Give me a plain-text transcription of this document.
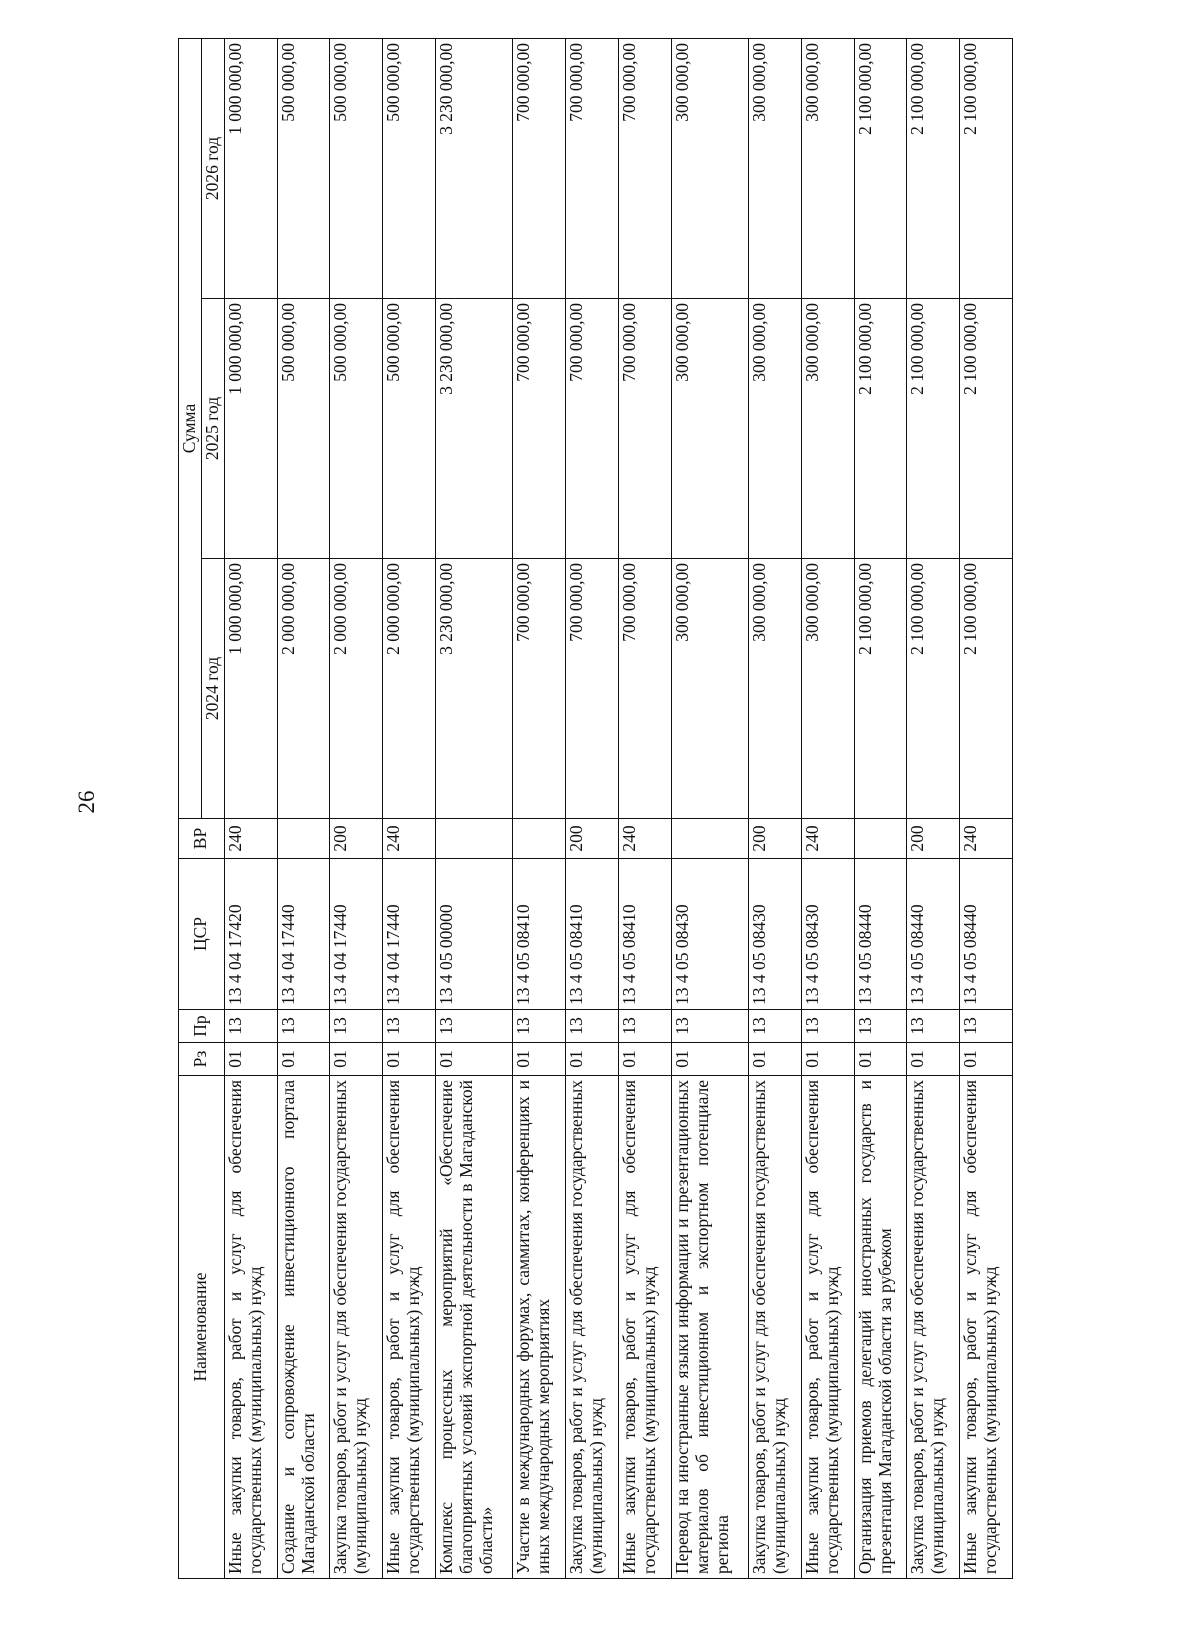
26
Наименование	Рз	Пр	ЦСР	ВР	Сумма		
					2024 год	2025 год	2026 год
Иные закупки товаров, работ и услуг для обеспечения государственных (муниципальных) нужд	01	13	13 4 04 17420	240	1 000 000,00	1 000 000,00	1 000 000,00
Создание и сопровождение инвестиционного портала Магаданской области	01	13	13 4 04 17440		2 000 000,00	500 000,00	500 000,00
Закупка товаров, работ и услуг для обеспечения государственных (муниципальных) нужд	01	13	13 4 04 17440	200	2 000 000,00	500 000,00	500 000,00
Иные закупки товаров, работ и услуг для обеспечения государственных (муниципальных) нужд	01	13	13 4 04 17440	240	2 000 000,00	500 000,00	500 000,00
Комплекс процессных мероприятий «Обеспечение благоприятных условий экспортной деятельности в Магаданской области»	01	13	13 4 05 00000		3 230 000,00	3 230 000,00	3 230 000,00
Участие в международных форумах, саммитах, конференциях и иных международных мероприятиях	01	13	13 4 05 08410		700 000,00	700 000,00	700 000,00
Закупка товаров, работ и услуг для обеспечения государственных (муниципальных) нужд	01	13	13 4 05 08410	200	700 000,00	700 000,00	700 000,00
Иные закупки товаров, работ и услуг для обеспечения государственных (муниципальных) нужд	01	13	13 4 05 08410	240	700 000,00	700 000,00	700 000,00
Перевод на иностранные языки информации и презентационных материалов об инвестиционном и экспортном потенциале региона	01	13	13 4 05 08430		300 000,00	300 000,00	300 000,00
Закупка товаров, работ и услуг для обеспечения государственных (муниципальных) нужд	01	13	13 4 05 08430	200	300 000,00	300 000,00	300 000,00
Иные закупки товаров, работ и услуг для обеспечения государственных (муниципальных) нужд	01	13	13 4 05 08430	240	300 000,00	300 000,00	300 000,00
Организация приемов делегаций иностранных государств и презентация Магаданской области за рубежом	01	13	13 4 05 08440		2 100 000,00	2 100 000,00	2 100 000,00
Закупка товаров, работ и услуг для обеспечения государственных (муниципальных) нужд	01	13	13 4 05 08440	200	2 100 000,00	2 100 000,00	2 100 000,00
Иные закупки товаров, работ и услуг для обеспечения государственных (муниципальных) нужд	01	13	13 4 05 08440	240	2 100 000,00	2 100 000,00	2 100 000,00
